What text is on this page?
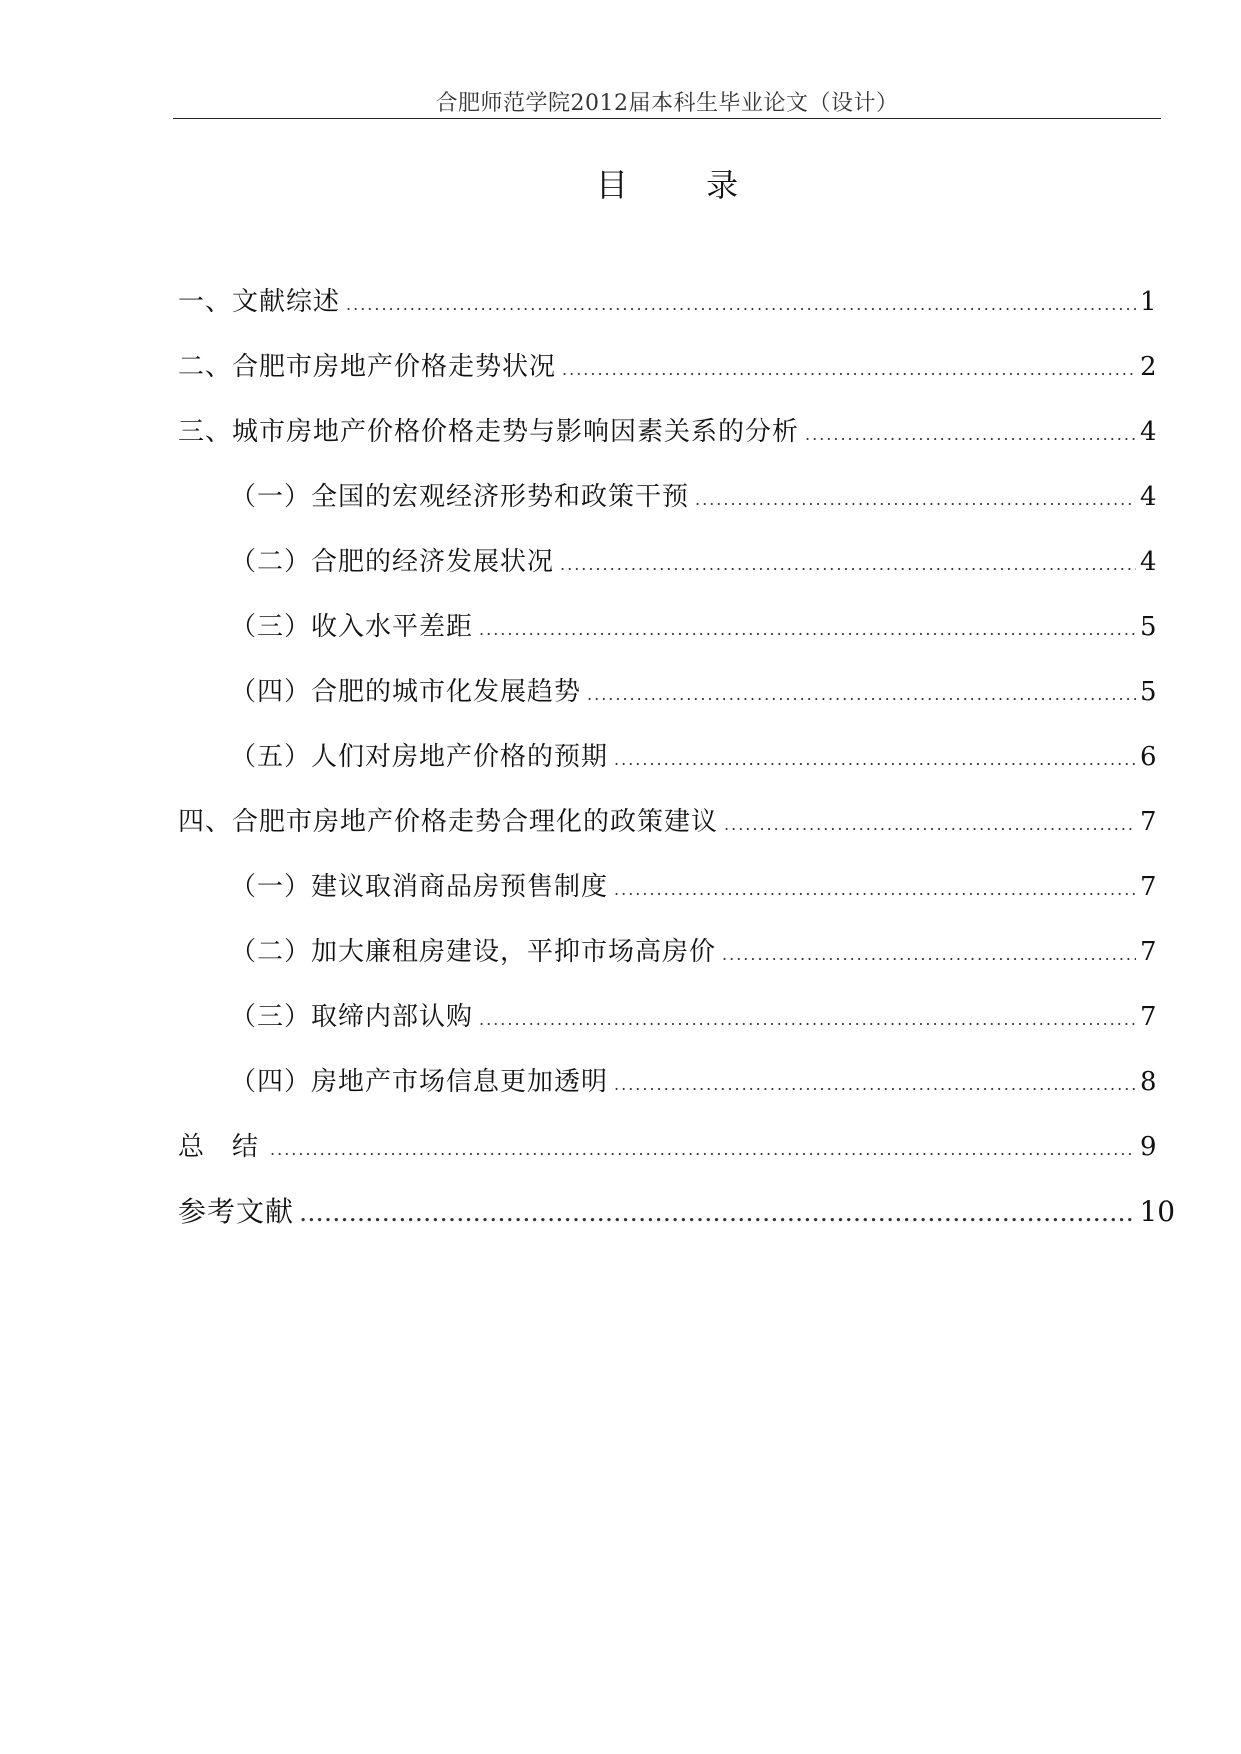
合肥师范学院2012届本科生毕业论文（设计）
目 录
一、文献综述 .....	1
二、合肥市房地产价格走势状况 .....	2
三、城市房地产价格价格走势与影响因素关系的分析 .....	4
（一）全国的宏观经济形势和政策干预 .....	4
（二）合肥的经济发展状况 .....	4
（三）收入水平差距 .....	5
（四）合肥的城市化发展趋势 .....	5
（五）人们对房地产价格的预期 .....	6
四、合肥市房地产价格走势合理化的政策建议 .....	7
（一）建议取消商品房预售制度 .....	7
（二）加大廉租房建设，平抑市场高房价 .....	7
（三）取缔内部认购 .....	7
（四）房地产市场信息更加透明 .....	8
总结 .....	9
参考文献 .....	10
